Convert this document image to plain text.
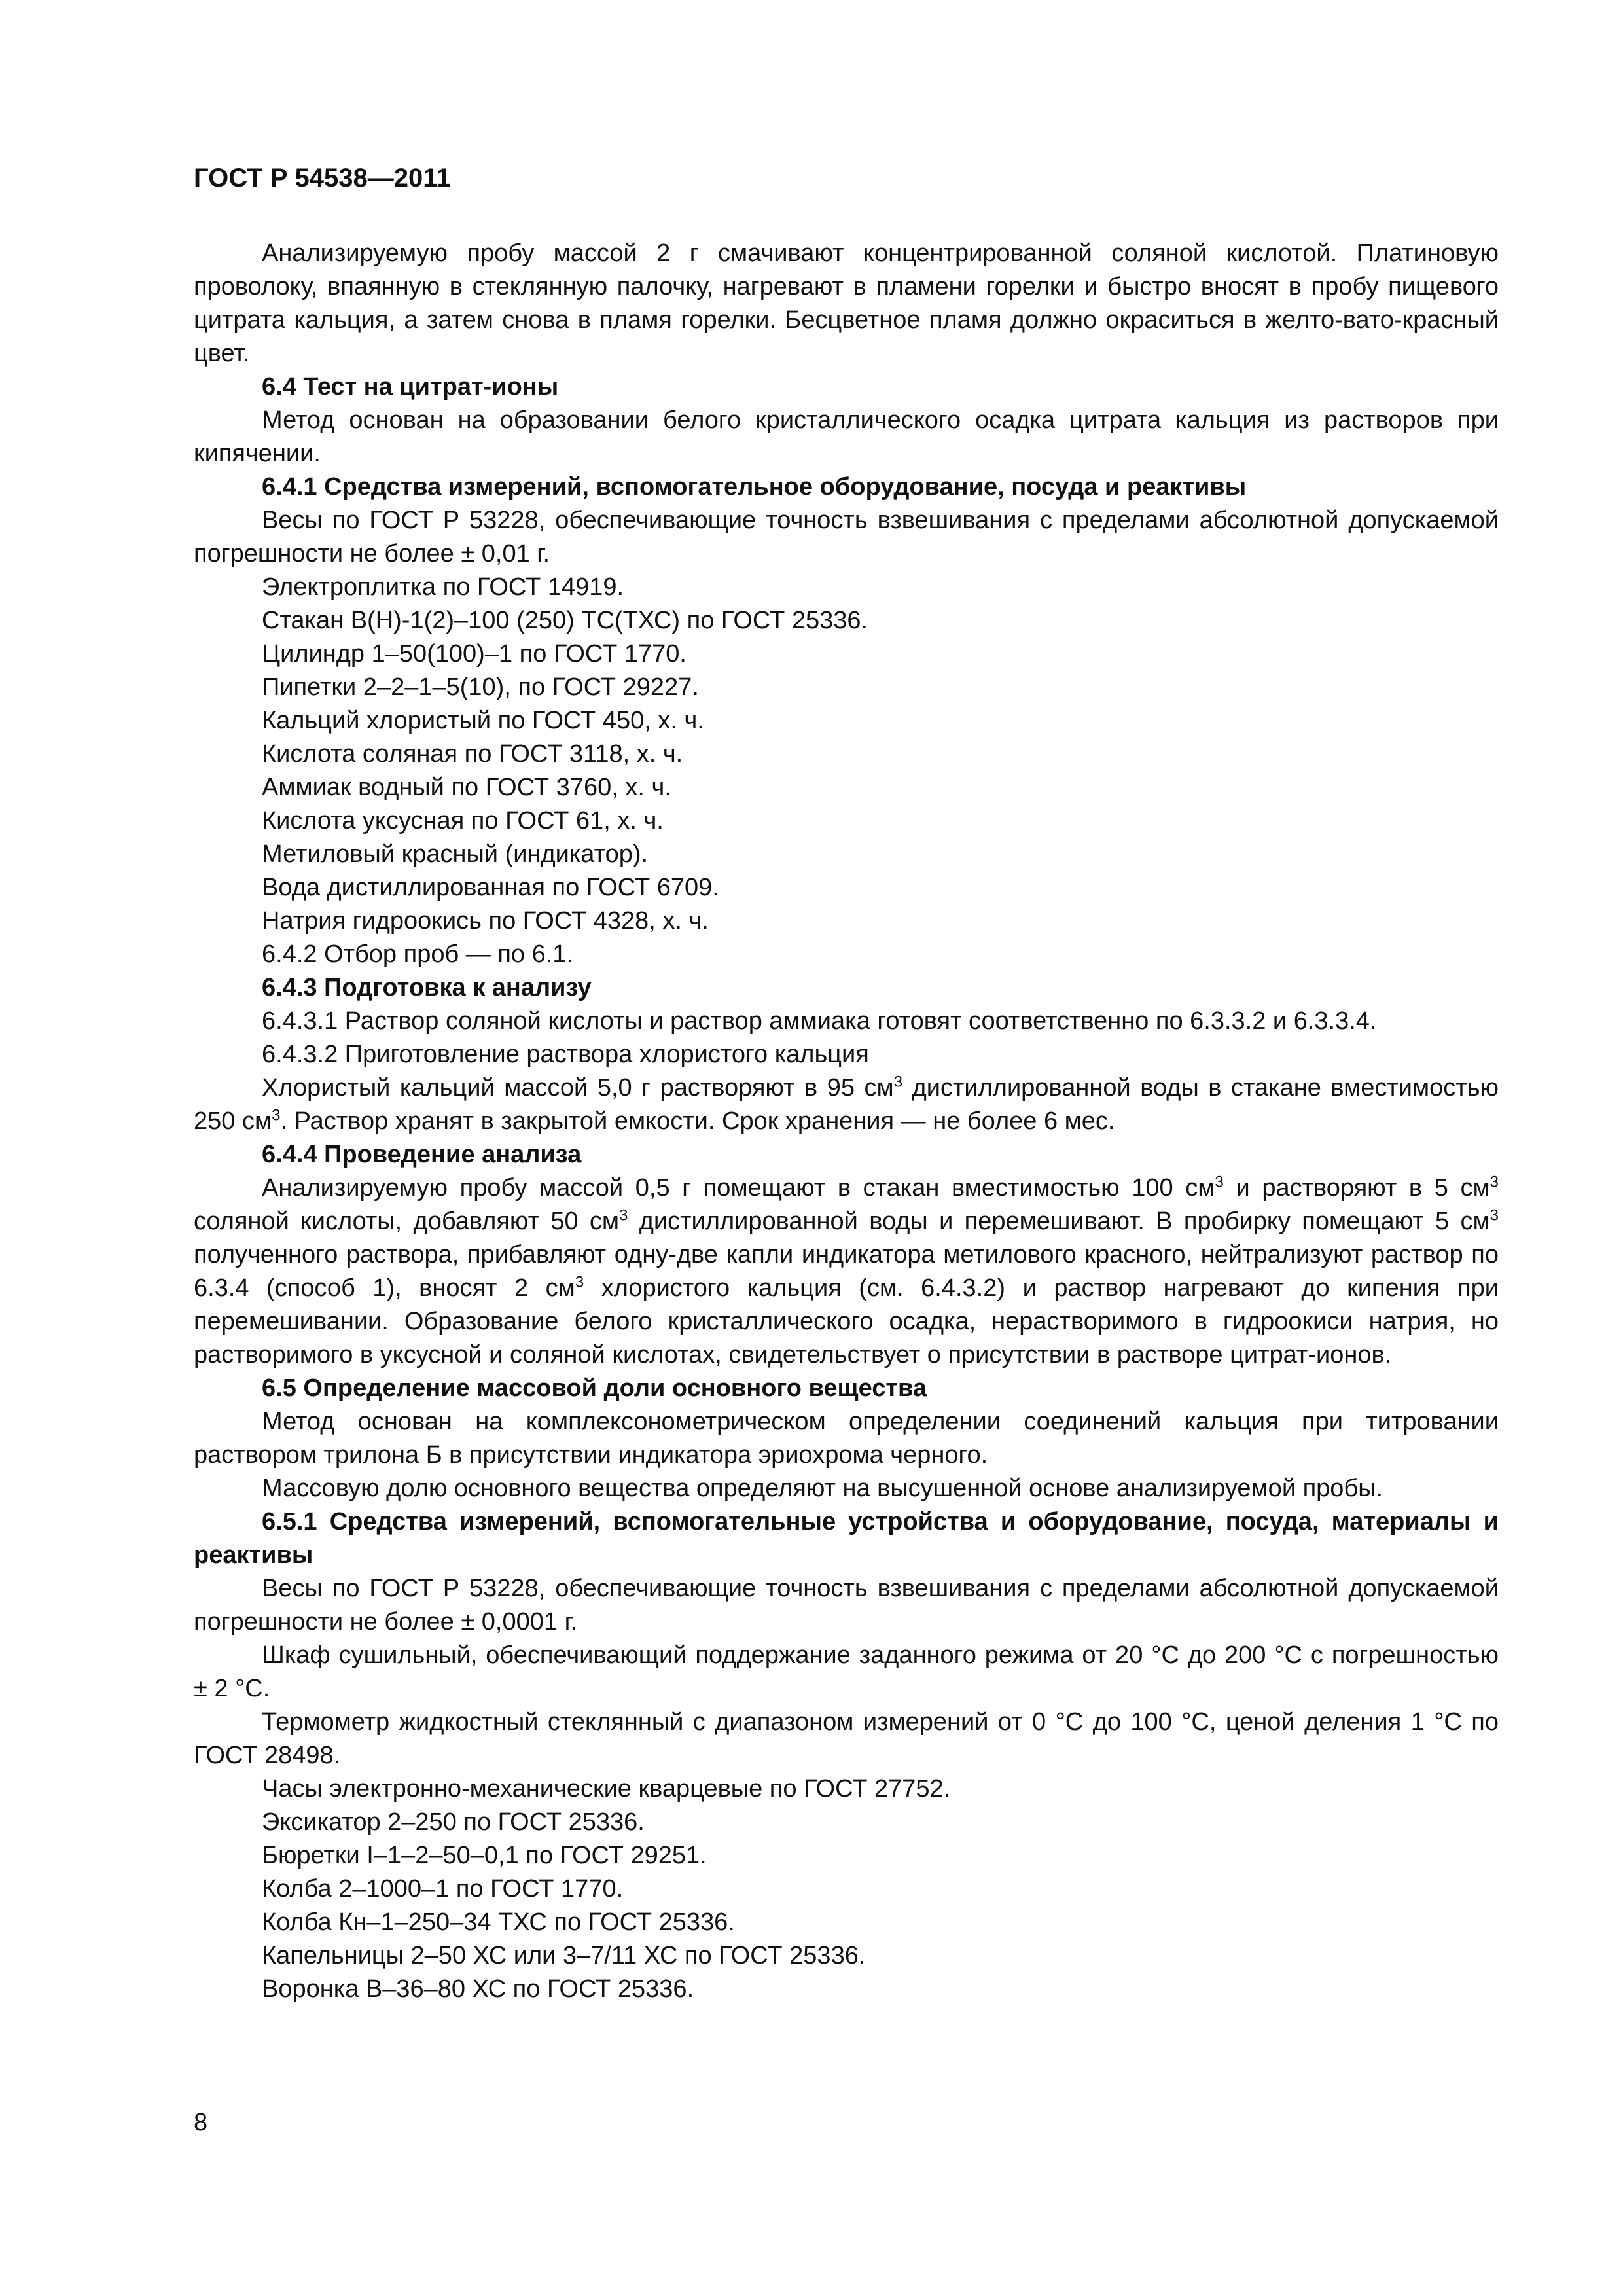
ГОСТ Р 54538—2011

Анализируемую пробу массой 2 г смачивают концентрированной соляной кислотой. Платиновую проволоку, впаянную в стеклянную палочку, нагревают в пламени горелки и быстро вносят в пробу пищевого цитрата кальция, а затем снова в пламя горелки. Бесцветное пламя должно окраситься в желто-вато-красный цвет.

6.4 Тест на цитрат-ионы

Метод основан на образовании белого кристаллического осадка цитрата кальция из растворов при кипячении.

6.4.1 Средства измерений, вспомогательное оборудование, посуда и реактивы

Весы по ГОСТ Р 53228, обеспечивающие точность взвешивания с пределами абсолютной допускаемой погрешности не более ± 0,01 г.

Электроплитка по ГОСТ 14919.

Стакан В(Н)-1(2)–100 (250) ТС(ТХС) по ГОСТ 25336.

Цилиндр 1–50(100)–1 по ГОСТ 1770.

Пипетки 2–2–1–5(10), по ГОСТ 29227.

Кальций хлористый по ГОСТ 450, х. ч.

Кислота соляная по ГОСТ 3118, х. ч.

Аммиак водный по ГОСТ 3760, х. ч.

Кислота уксусная по ГОСТ 61, х. ч.

Метиловый красный (индикатор).

Вода дистиллированная по ГОСТ 6709.

Натрия гидроокись по ГОСТ 4328, х. ч.

6.4.2 Отбор проб — по 6.1.

6.4.3 Подготовка к анализу

6.4.3.1 Раствор соляной кислоты и раствор аммиака готовят соответственно по 6.3.3.2 и 6.3.3.4.

6.4.3.2 Приготовление раствора хлористого кальция

Хлористый кальций массой 5,0 г растворяют в 95 $см^3$ дистиллированной воды в стакане вместимостью 250 $см^3$. Раствор хранят в закрытой емкости. Срок хранения — не более 6 мес.

6.4.4 Проведение анализа

Анализируемую пробу массой 0,5 г помещают в стакан вместимостью 100 $см^3$ и растворяют в 5 $см^3$ соляной кислоты, добавляют 50 $см^3$ дистиллированной воды и перемешивают. В пробирку помещают 5 $см^3$ полученного раствора, прибавляют одну-две капли индикатора метилового красного, нейтрализуют раствор по 6.3.4 (способ 1), вносят 2 $см^3$ хлористого кальция (см. 6.4.3.2) и раствор нагревают до кипения при перемешивании. Образование белого кристаллического осадка, нерастворимого в гидроокиси натрия, но растворимого в уксусной и соляной кислотах, свидетельствует о присутствии в растворе цитрат-ионов.

6.5 Определение массовой доли основного вещества

Метод основан на комплексонометрическом определении соединений кальция при титровании раствором трилона Б в присутствии индикатора эриохрома черного.

Массовую долю основного вещества определяют на высушенной основе анализируемой пробы.

6.5.1 Средства измерений, вспомогательные устройства и оборудование, посуда, материалы и реактивы

Весы по ГОСТ Р 53228, обеспечивающие точность взвешивания с пределами абсолютной допускаемой погрешности не более ± 0,0001 г.

Шкаф сушильный, обеспечивающий поддержание заданного режима от 20 °С до 200 °С с погрешностью ± 2 °С.

Термометр жидкостный стеклянный с диапазоном измерений от 0 °С до 100 °С, ценой деления 1 °С по ГОСТ 28498.

Часы электронно-механические кварцевые по ГОСТ 27752.

Эксикатор 2–250 по ГОСТ 25336.

Бюретки I–1–2–50–0,1 по ГОСТ 29251.

Колба 2–1000–1 по ГОСТ 1770.

Колба Кн–1–250–34 ТХС по ГОСТ 25336.

Капельницы 2–50 ХС или 3–7/11 ХС по ГОСТ 25336.

Воронка В–36–80 ХС по ГОСТ 25336.

8
